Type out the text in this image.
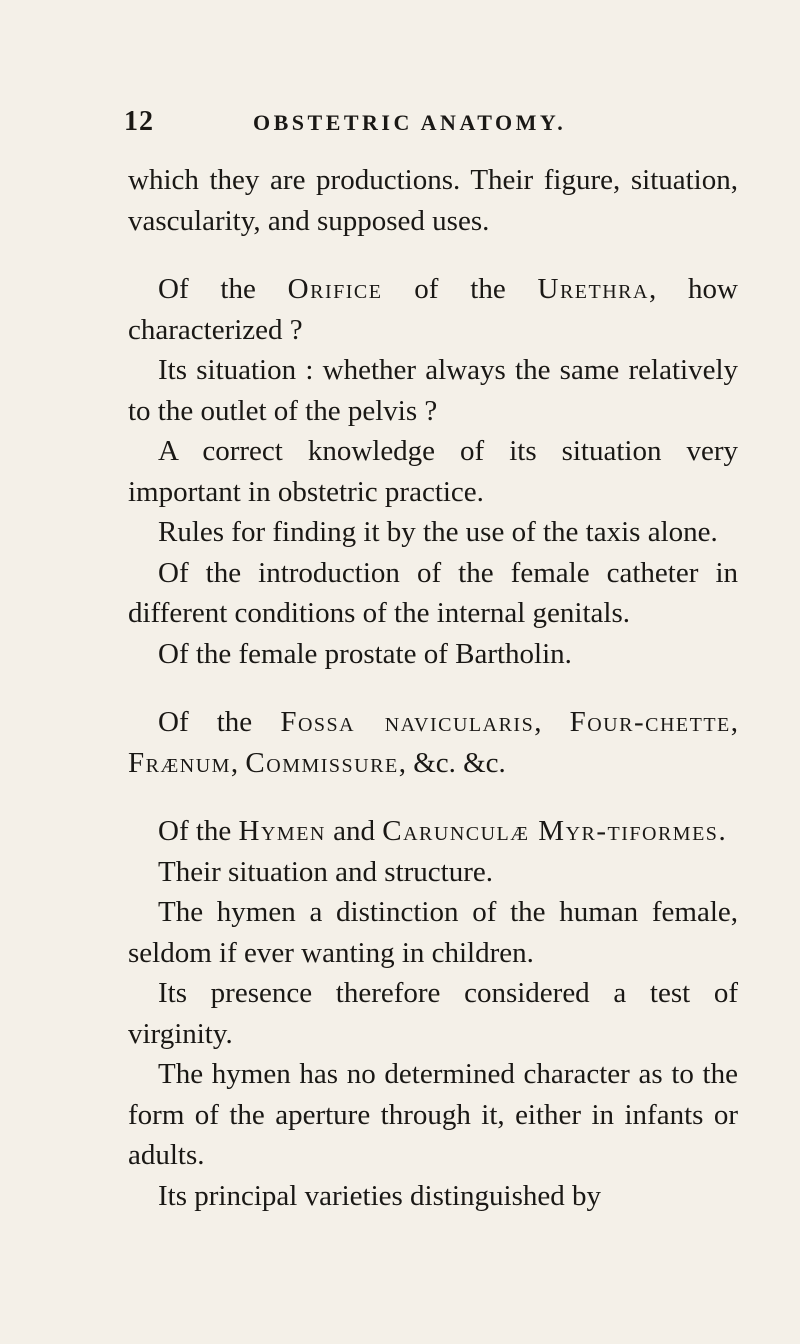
12	OBSTETRIC ANATOMY.

which they are productions. Their figure, situation, vascularity, and supposed uses.

Of the Orifice of the Urethra, how characterized ?

Its situation : whether always the same relatively to the outlet of the pelvis ?

A correct knowledge of its situation very important in obstetric practice.

Rules for finding it by the use of the taxis alone.

Of the introduction of the female catheter in different conditions of the internal genitals.

Of the female prostate of Bartholin.

Of the Fossa navicularis, Four-chette, Frænum, Commissure, &c. &c.

Of the Hymen and Carunculæ Myr-tiformes.

Their situation and structure.

The hymen a distinction of the human female, seldom if ever wanting in children.

Its presence therefore considered a test of virginity.

The hymen has no determined character as to the form of the aperture through it, either in infants or adults.

Its principal varieties distinguished by
